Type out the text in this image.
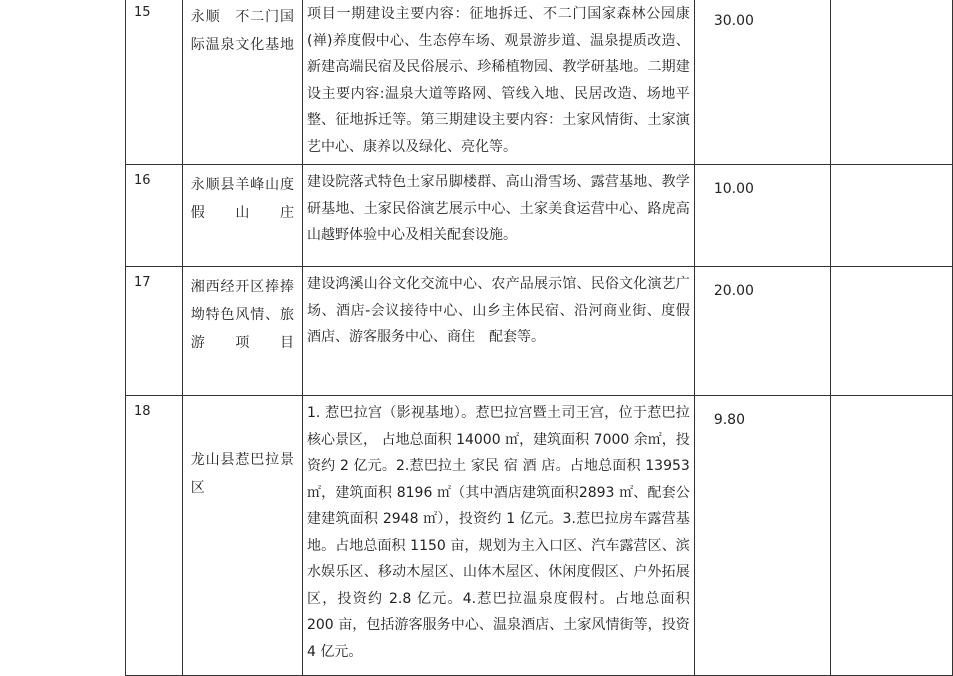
15	永顺　不二门国际温泉文化基地	项目一期建设主要内容：征地拆迁、不二门国家森林公园康(禅)养度假中心、生态停车场、观景游步道、温泉提质改造、新建高端民宿及民俗展示、珍稀植物园、教学研基地。二期建设主要内容:温泉大道等路网、管线入地、民居改造、场地平整、征地拆迁等。第三期建设主要内容：土家风情街、土家演艺中心、康养以及绿化、亮化等。	30.00	
16	永顺县羊峰山度假山庄	建设院落式特色土家吊脚楼群、高山滑雪场、露营基地、教学研基地、土家民俗演艺展示中心、土家美食运营中心、路虎高山越野体验中心及相关配套设施。	10.00	
17	湘西经开区捧捧坳特色风情、旅游项目	建设鸿溪山谷文化交流中心、农产品展示馆、民俗文化演艺广场、酒店-会议接待中心、山乡主体民宿、沿河商业街、度假酒店、游客服务中心、商住　配套等。	20.00	
18	龙山县惹巴拉景区	1. 惹巴拉宫（影视基地）。惹巴拉宫暨土司王宫，位于惹巴拉核心景区， 占地总面积 14000 ㎡，建筑面积 7000 余㎡，投资约 2 亿元。2.惹巴拉土 家民 宿 酒 店。占地总面积 13953 ㎡，建筑面积 8196 ㎡（其中酒店建筑面积2893 ㎡、配套公建建筑面积 2948 ㎡），投资约 1 亿元。3.惹巴拉房车露营基地。占地总面积 1150 亩，规划为主入口区、汽车露营区、滨水娱乐区、移动木屋区、山体木屋区、休闲度假区、户外拓展区，投资约 2.8 亿元。4.惹巴拉温泉度假村。占地总面积 200 亩，包括游客服务中心、温泉酒店、土家风情街等，投资 4 亿元。	9.80	
